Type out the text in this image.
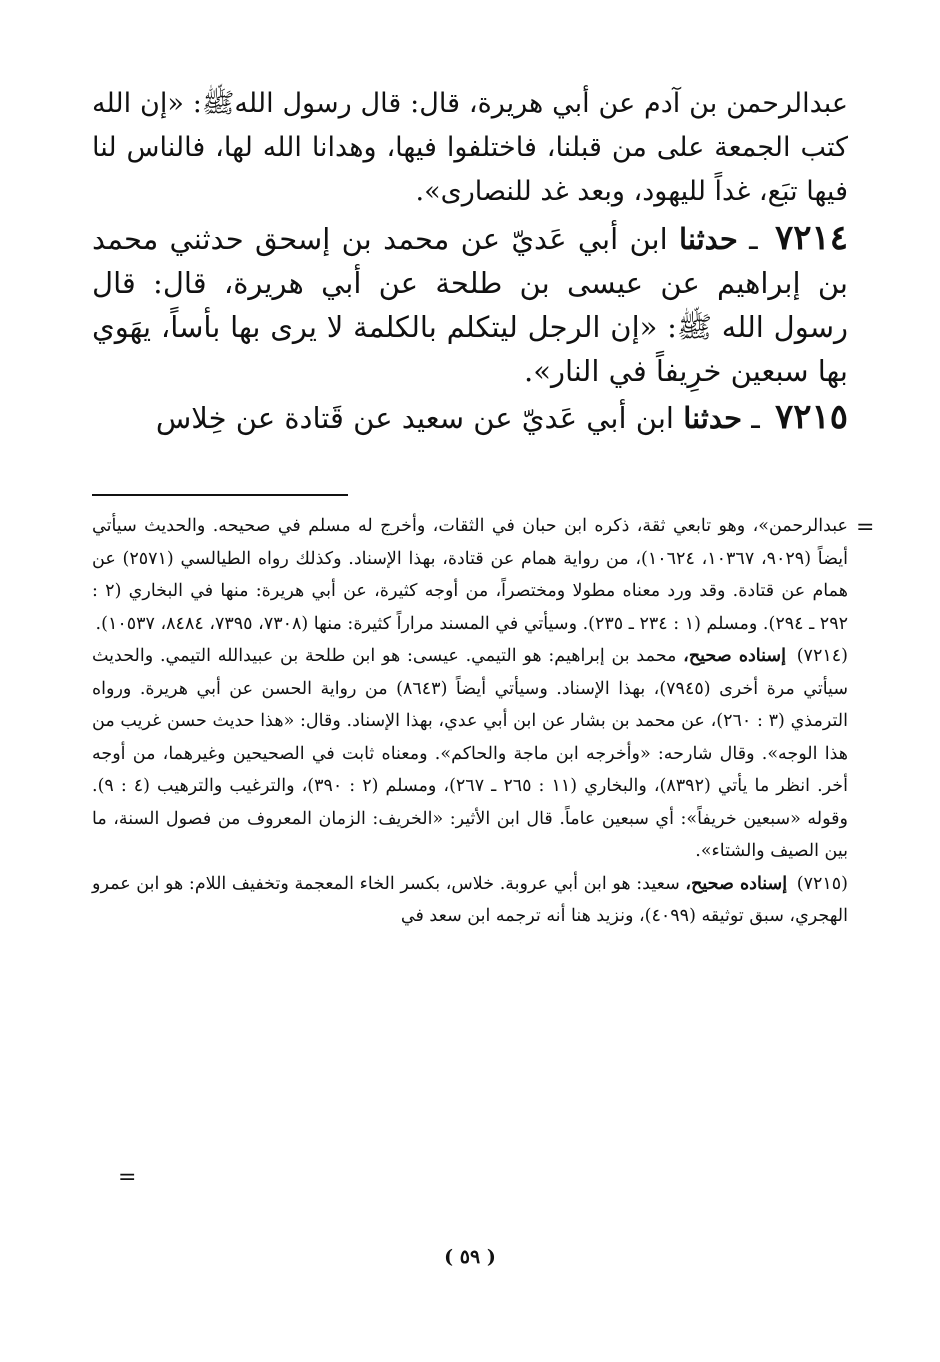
عبدالرحمن بن آدم عن أبي هريرة، قال: قال رسول اللهﷺ: «إن الله كتب الجمعة على من قبلنا، فاختلفوا فيها، وهدانا الله لها، فالناس لنا فيها تبَع، غداً لليهود، وبعد غد للنصارى».

٧٢١٤ ـ حدثنا ابن أبي عَديّ عن محمد بن إسحق حدثني محمد بن إبراهيم عن عيسى بن طلحة عن أبي هريرة، قال: قال رسول الله ﷺ: «إن الرجل ليتكلم بالكلمة لا يرى بها بأساً، يهَوي بها سبعين خرِيفاً في النار».

٧٢١٥ ـ حدثنا ابن أبي عَديّ عن سعيد عن قَتادة عن خِلاس

=

عبدالرحمن»، وهو تابعي ثقة، ذكره ابن حبان في الثقات، وأخرج له مسلم في صحيحه. والحديث سيأتي أيضاً (٩٠٢٩، ١٠٣٦٧، ١٠٦٢٤)، من رواية همام عن قتادة، بهذا الإسناد. وكذلك رواه الطيالسي (٢٥٧١) عن همام عن قتادة. وقد ورد معناه مطولا ومختصراً، من أوجه كثيرة، عن أبي هريرة: منها في البخاري (٢ : ٢٩٢ ـ ٢٩٤). ومسلم (١ : ٢٣٤ ـ ٢٣٥). وسيأتي في المسند مراراً كثيرة: منها (٧٣٠٨، ٧٣٩٥، ٨٤٨٤، ١٠٥٣٧).

(٧٢١٤) إسناده صحيح، محمد بن إبراهيم: هو التيمي. عيسى: هو ابن طلحة بن عبيدالله التيمي. والحديث سيأتي مرة أخرى (٧٩٤٥)، بهذا الإسناد. وسيأتي أيضاً (٨٦٤٣) من رواية الحسن عن أبي هريرة. ورواه الترمذي (٣ : ٢٦٠)، عن محمد بن بشار عن ابن أبي عدي، بهذا الإسناد. وقال: «هذا حديث حسن غريب من هذا الوجه». وقال شارحه: «وأخرجه ابن ماجة والحاكم». ومعناه ثابت في الصحيحين وغيرهما، من أوجه أخر. انظر ما يأتي (٨٣٩٢)، والبخاري (١١ : ٢٦٥ ـ ٢٦٧)، ومسلم (٢ : ٣٩٠)، والترغيب والترهيب (٤ : ٩). وقوله «سبعين خريفاً»: أي سبعين عاماً. قال ابن الأثير: «الخريف: الزمان المعروف من فصول السنة، ما بين الصيف والشتاء».

(٧٢١٥) إسناده صحيح، سعيد: هو ابن أبي عروبة. خلاس، بكسر الخاء المعجمة وتخفيف اللام: هو ابن عمرو الهجري، سبق توثيقه (٤٠٩٩)، ونزيد هنا أنه ترجمه ابن سعد في

=
( ٥٩ )
